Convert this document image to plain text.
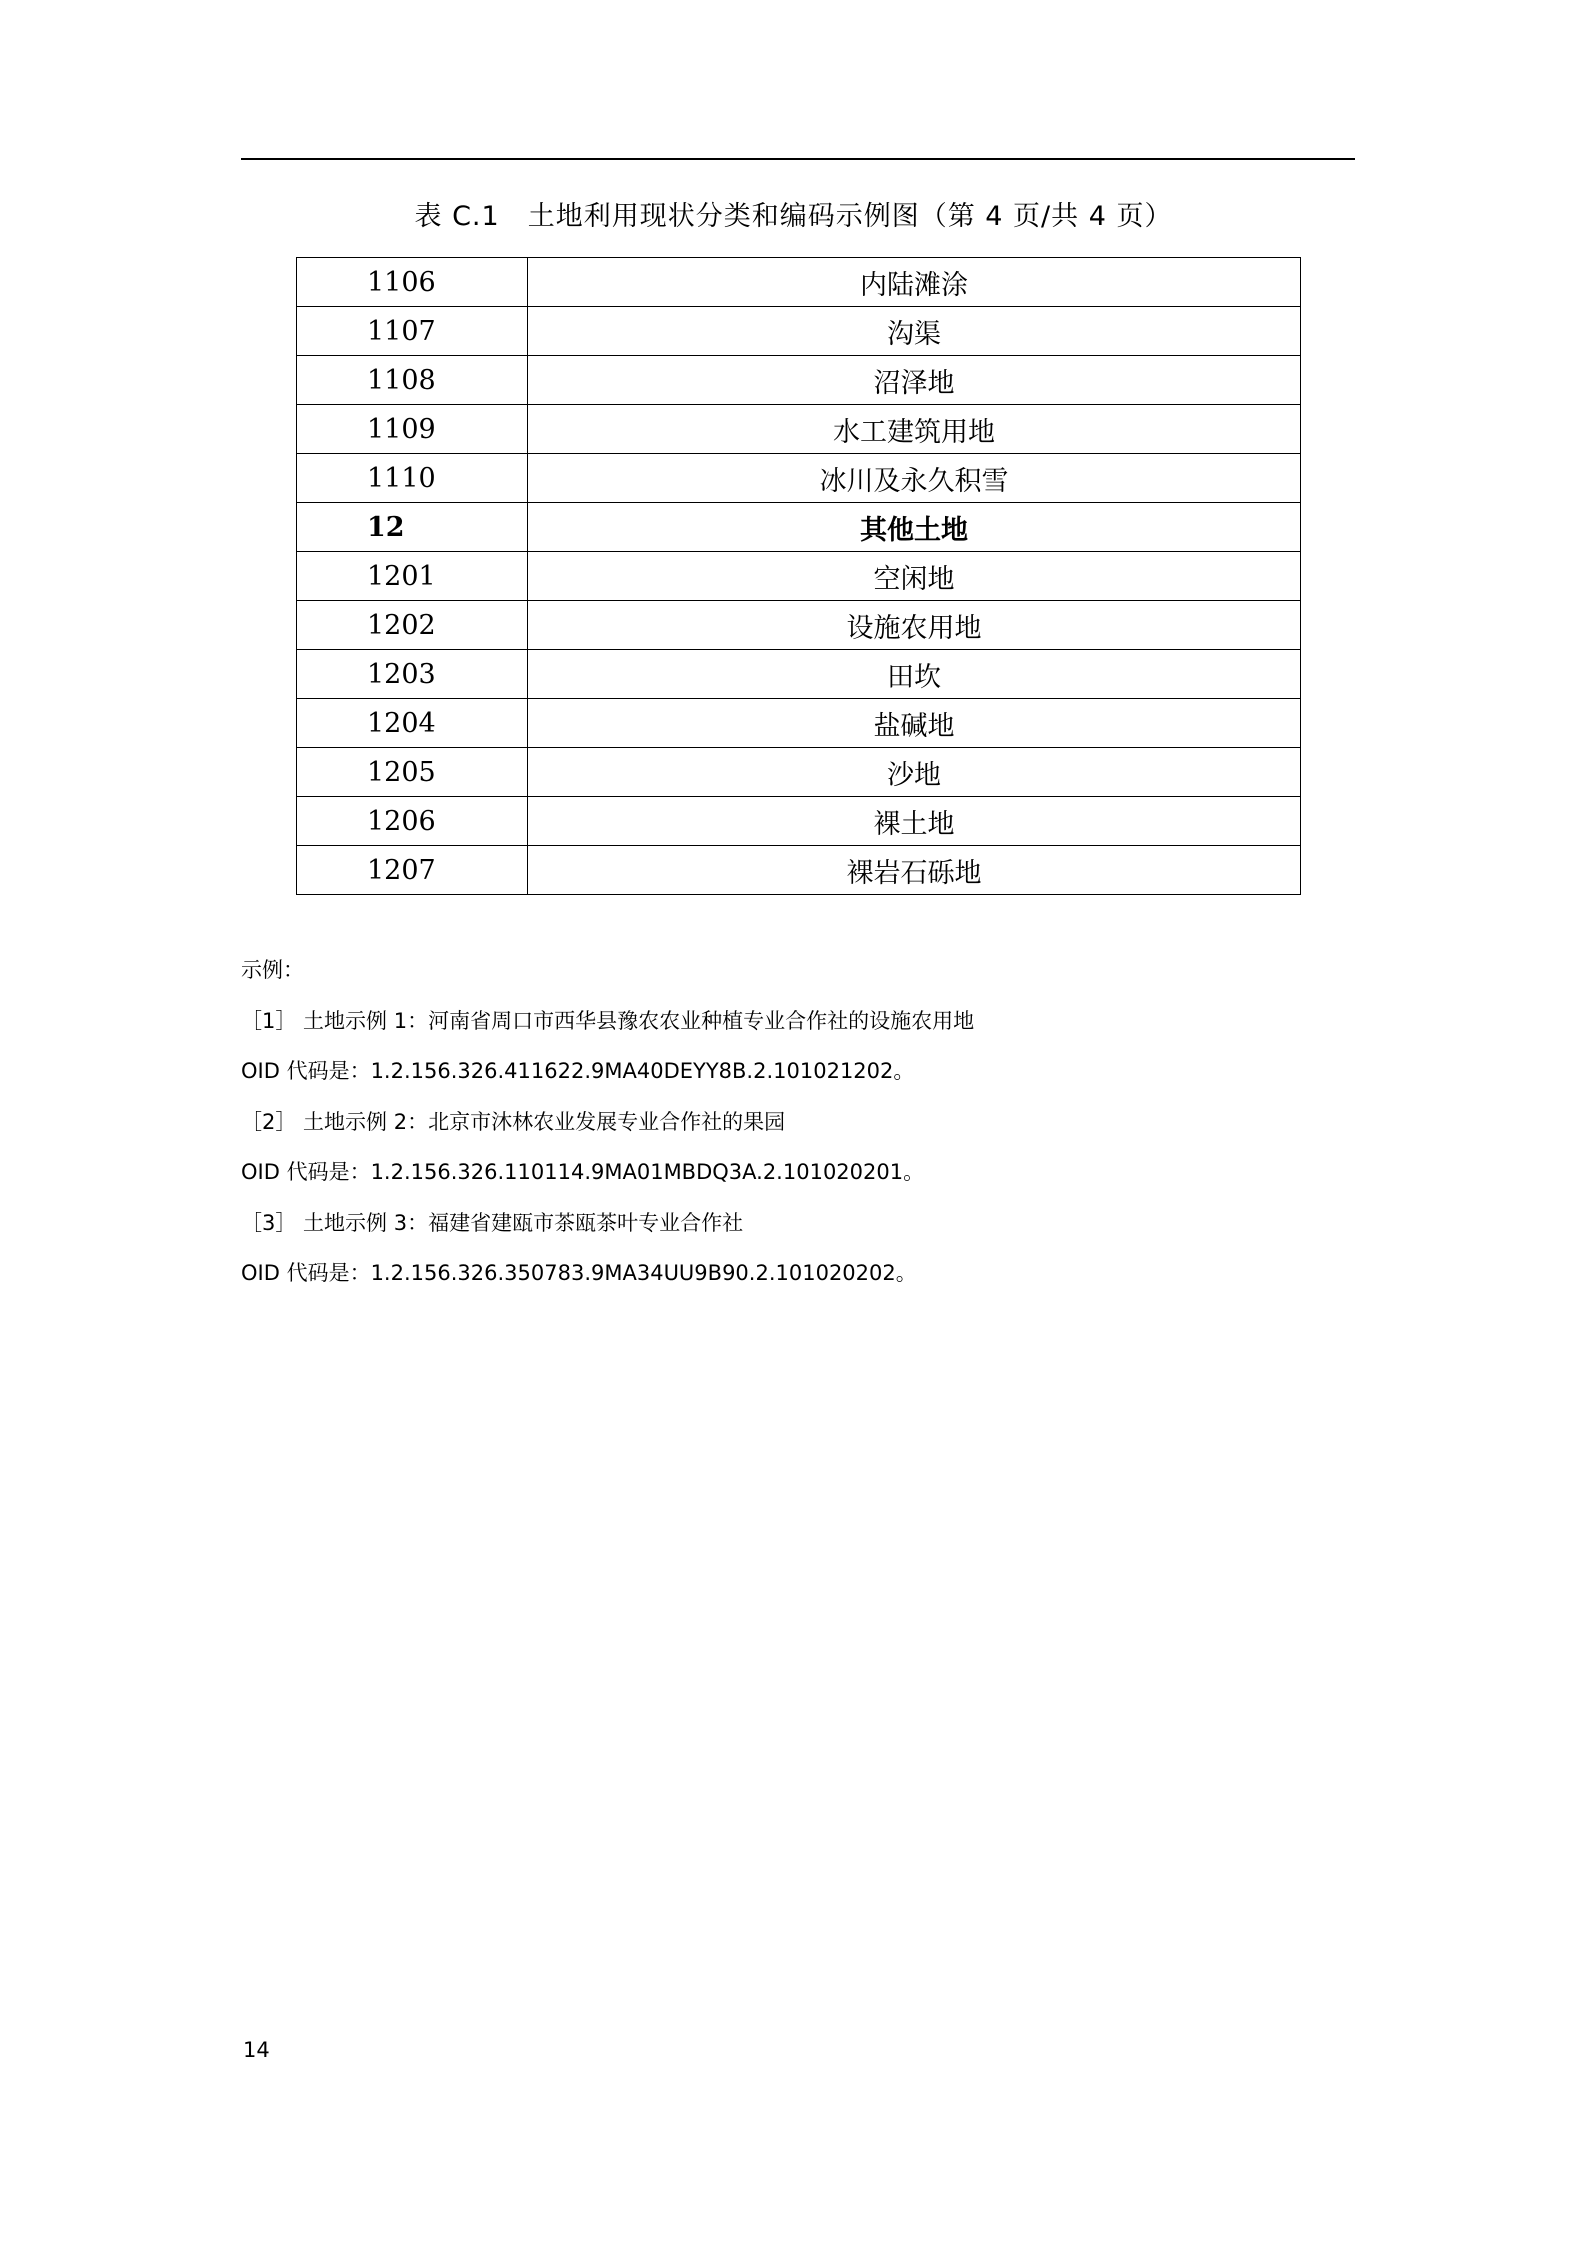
表 C.1　土地利用现状分类和编码示例图（第 4 页/共 4 页）
1106	内陆滩涂
1107	沟渠
1108	沼泽地
1109	水工建筑用地
1110	冰川及永久积雪
12	其他土地
1201	空闲地
1202	设施农用地
1203	田坎
1204	盐碱地
1205	沙地
1206	裸土地
1207	裸岩石砾地
示例：
［1］ 土地示例 1：河南省周口市西华县豫农农业种植专业合作社的设施农用地
OID 代码是：1.2.156.326.411622.9MA40DEYY8B.2.101021202。
［2］ 土地示例 2：北京市沐林农业发展专业合作社的果园
OID 代码是：1.2.156.326.110114.9MA01MBDQ3A.2.101020201。
［3］ 土地示例 3：福建省建瓯市茶瓯茶叶专业合作社
OID 代码是：1.2.156.326.350783.9MA34UU9B90.2.101020202。
14
